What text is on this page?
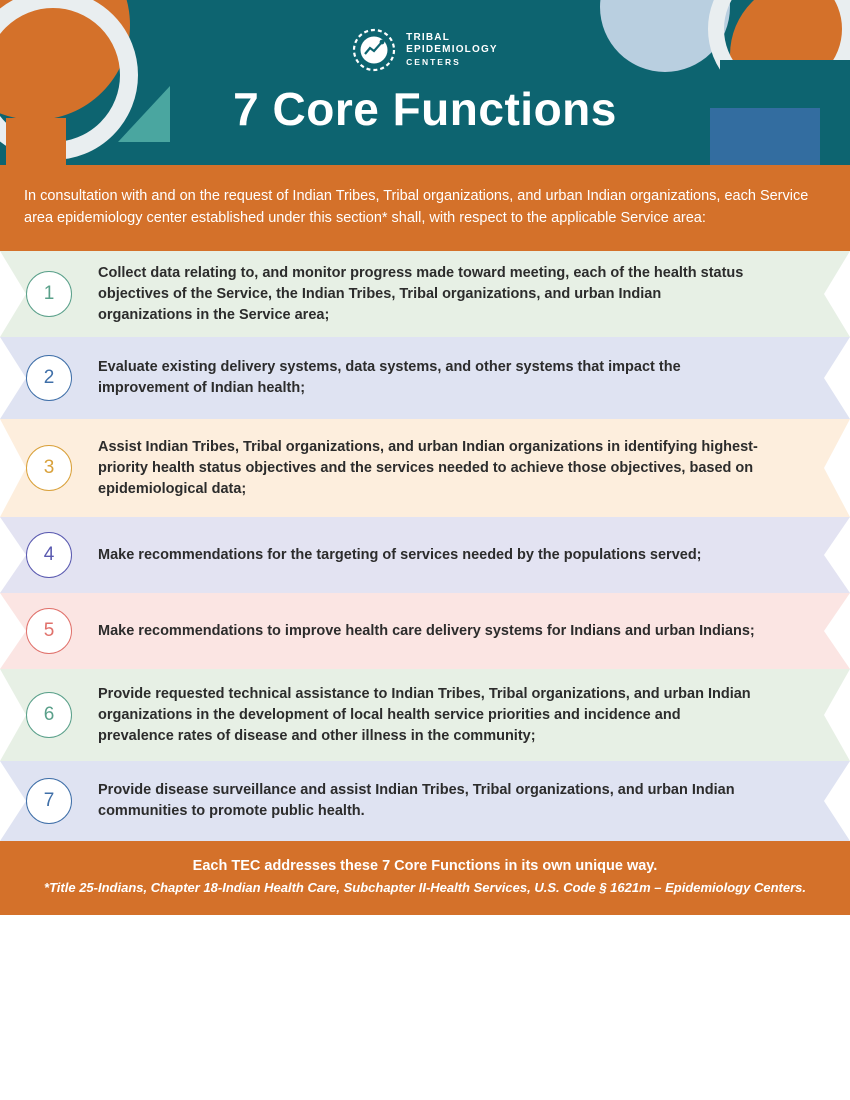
TRIBAL
EPIDEMIOLOGY
CENTERS
7 Core Functions
In consultation with and on the request of Indian Tribes, Tribal organizations, and urban Indian organizations, each Service area epidemiology center established under this section* shall, with respect to the applicable Service area:
1
Collect data relating to, and monitor progress made toward meeting, each of the health status objectives of the Service, the Indian Tribes, Tribal organizations, and urban Indian organizations in the Service area;
2	Evaluate existing delivery systems, data systems, and other systems that impact the improvement of Indian health;
3
Assist Indian Tribes, Tribal organizations, and urban Indian organizations in identifying highest-priority health status objectives and the services needed to achieve those objectives, based on epidemiological data;
4	Make recommendations for the targeting of services needed by the populations served;
5	Make recommendations to improve health care delivery systems for Indians and urban Indians;
6
Provide requested technical assistance to Indian Tribes, Tribal organizations, and urban Indian organizations in the development of local health service priorities and incidence and prevalence rates of disease and other illness in the community;
7	Provide disease surveillance and assist Indian Tribes, Tribal organizations, and urban Indian communities to promote public health.
Each TEC addresses these 7 Core Functions in its own unique way.
*Title 25-Indians, Chapter 18-Indian Health Care, Subchapter II-Health Services, U.S. Code § 1621m – Epidemiology Centers.
